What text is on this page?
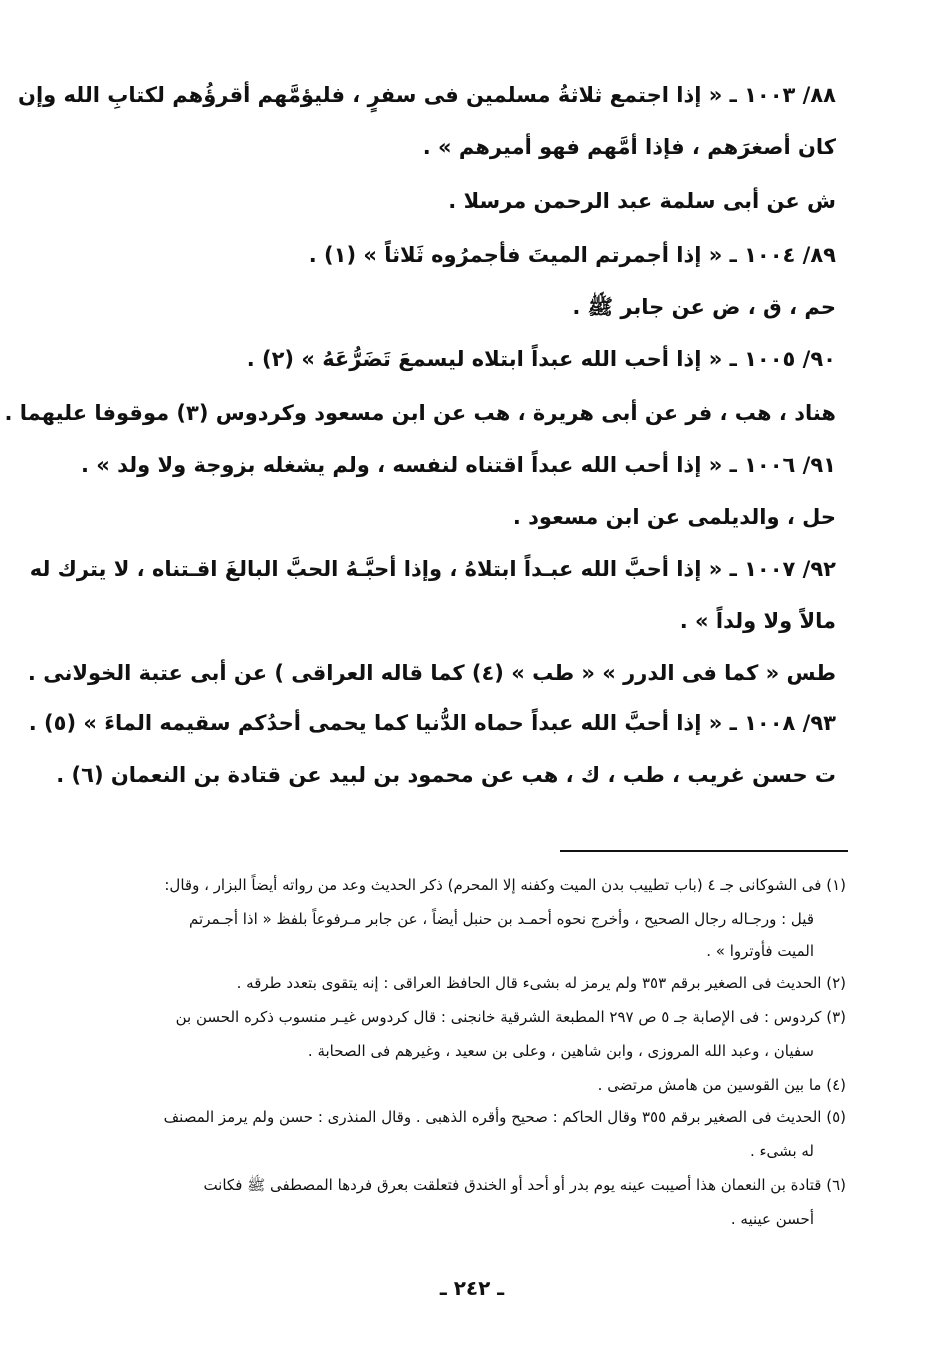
٨٨/ ١٠٠٣ ـ « إذا اجتمع ثلاثةُ مسلمين فى سفرٍ ، فليؤمَّهم أقرؤُهم لكتابِ الله وإن
كان أصغرَهم ، فإذا أمَّهم فهو أميرهم » .
ش عن أبى سلمة عبد الرحمن مرسلا .
٨٩/ ١٠٠٤ ـ « إذا أجمرتم الميتَ فأجمرُوه ثَلاثاً » (١) .
حم ، ق ، ض عن جابر ﷺ .
٩٠/ ١٠٠٥ ـ « إذا أحب الله عبداً ابتلاه ليسمعَ تَضَرُّعَهُ » (٢) .
هناد ، هب ، فر عن أبى هريرة ، هب عن ابن مسعود وكردوس (٣) موقوفا عليهما .
٩١/ ١٠٠٦ ـ « إذا أحب الله عبداً اقتناه لنفسه ، ولم يشغله بزوجة ولا ولد » .
حل ، والديلمى عن ابن مسعود .
٩٢/ ١٠٠٧ ـ « إذا أحبَّ الله عبـداً ابتلاهُ ، وإذا أحبَّـهُ الحبَّ البالغَ اقـتناه ، لا يترك له
مالاً ولا ولداً » .
طس « كما فى الدرر » « طب » (٤) كما قاله العراقى ) عن أبى عتبة الخولانى .
٩٣/ ١٠٠٨ ـ « إذا أحبَّ الله عبداً حماه الدُّنيا كما يحمى أحدُكم سقيمه الماءَ » (٥) .
ت حسن غريب ، طب ، ك ، هب عن محمود بن لبيد عن قتادة بن النعمان (٦) .
(١) فى الشوكانى جـ ٤ (باب تطييب بدن الميت وكفنه إلا المحرم) ذكر الحديث وعد من رواته أيضاً البزار ، وقال:
قيل : ورجـاله رجال الصحيح ، وأخرج نحوه أحمـد بن حنبل أيضاً ، عن جابر مـرفوعاً بلفظ « اذا أجـمرتم
الميت فأوتروا » .
(٢) الحديث فى الصغير برقم ٣٥٣ ولم يرمز له بشىء قال الحافظ العراقى : إنه يتقوى بتعدد طرقه .
(٣) كردوس : فى الإصابة جـ ٥ ص ٢٩٧ المطبعة الشرقية خانجنى : قال كردوس غيـر منسوب ذكره الحسن بن
سفيان ، وعبد الله المروزى ، وابن شاهين ، وعلى بن سعيد ، وغيرهم فى الصحابة .
(٤) ما بين القوسين من هامش مرتضى .
(٥) الحديث فى الصغير برقم ٣٥٥ وقال الحاكم : صحيح وأقره الذهبى . وقال المنذرى : حسن ولم يرمز المصنف
له بشىء .
(٦) قتادة بن النعمان هذا أصيبت عينه يوم بدر أو أحد أو الخندق فتعلقت بعرق فردها المصطفى ﷺ فكانت
أحسن عينيه .
ـ ٢٤٢ ـ
